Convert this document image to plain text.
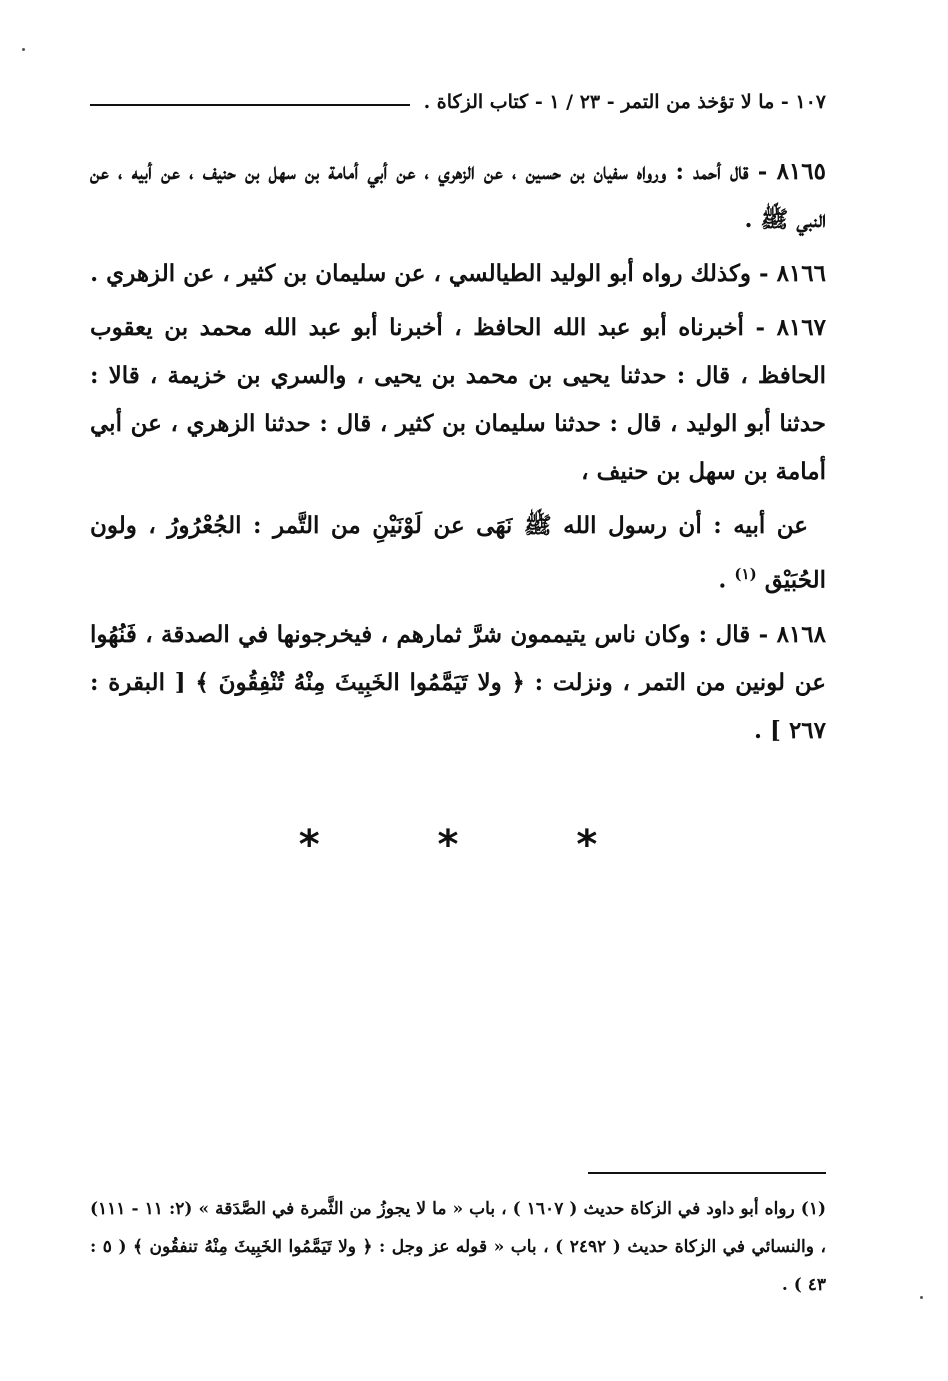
١٠٧ - ما لا تؤخذ من التمر - ٢٣ / ١ - كتاب الزكاة .

٨١٦٥ - قال أحمد : ورواه سفيان بن حسين ، عن الزهري ، عن أبي أمامة بن سهل بن حنيف ، عن أبيه ، عن النبي ﷺ .

٨١٦٦ - وكذلك رواه أبو الوليد الطيالسي ، عن سليمان بن كثير ، عن الزهري .

٨١٦٧ - أخبرناه أبو عبد الله الحافظ ، أخبرنا أبو عبد الله محمد بن يعقوب الحافظ ، قال : حدثنا يحيى بن محمد بن يحيى ، والسري بن خزيمة ، قالا : حدثنا أبو الوليد ، قال : حدثنا سليمان بن كثير ، قال : حدثنا الزهري ، عن أبي أمامة بن سهل بن حنيف ،

عن أبيه : أن رسول الله ﷺ نَهَى عن لَوْنَيْنِ من التَّمر : الجُعْرُورُ ، ولون الحُبَيْق $^{(١)}$ .

٨١٦٨ - قال : وكان ناس يتيممون شرَّ ثمارهم ، فيخرجونها في الصدقة ، فَنُهُوا عن لونين من التمر ، ونزلت : ﴿ ولا تَيَمَّمُوا الخَبِيثَ مِنْهُ تُنْفِقُونَ ﴾ [ البقرة : ٢٦٧ ] .

* * *

(١) رواه أبو داود في الزكاة حديث ( ١٦٠٧ ) ، باب « ما لا يجوزُ من الثَّمرة في الصَّدَقة » (٢: ١١ - ١١١) ، والنسائي في الزكاة حديث ( ٢٤٩٢ ) ، باب « قوله عز وجل : ﴿ ولا تَيَمَّمُوا الخَبِيثَ مِنْهُ تنفقُون ﴾ ( ٥ : ٤٣ ) .
